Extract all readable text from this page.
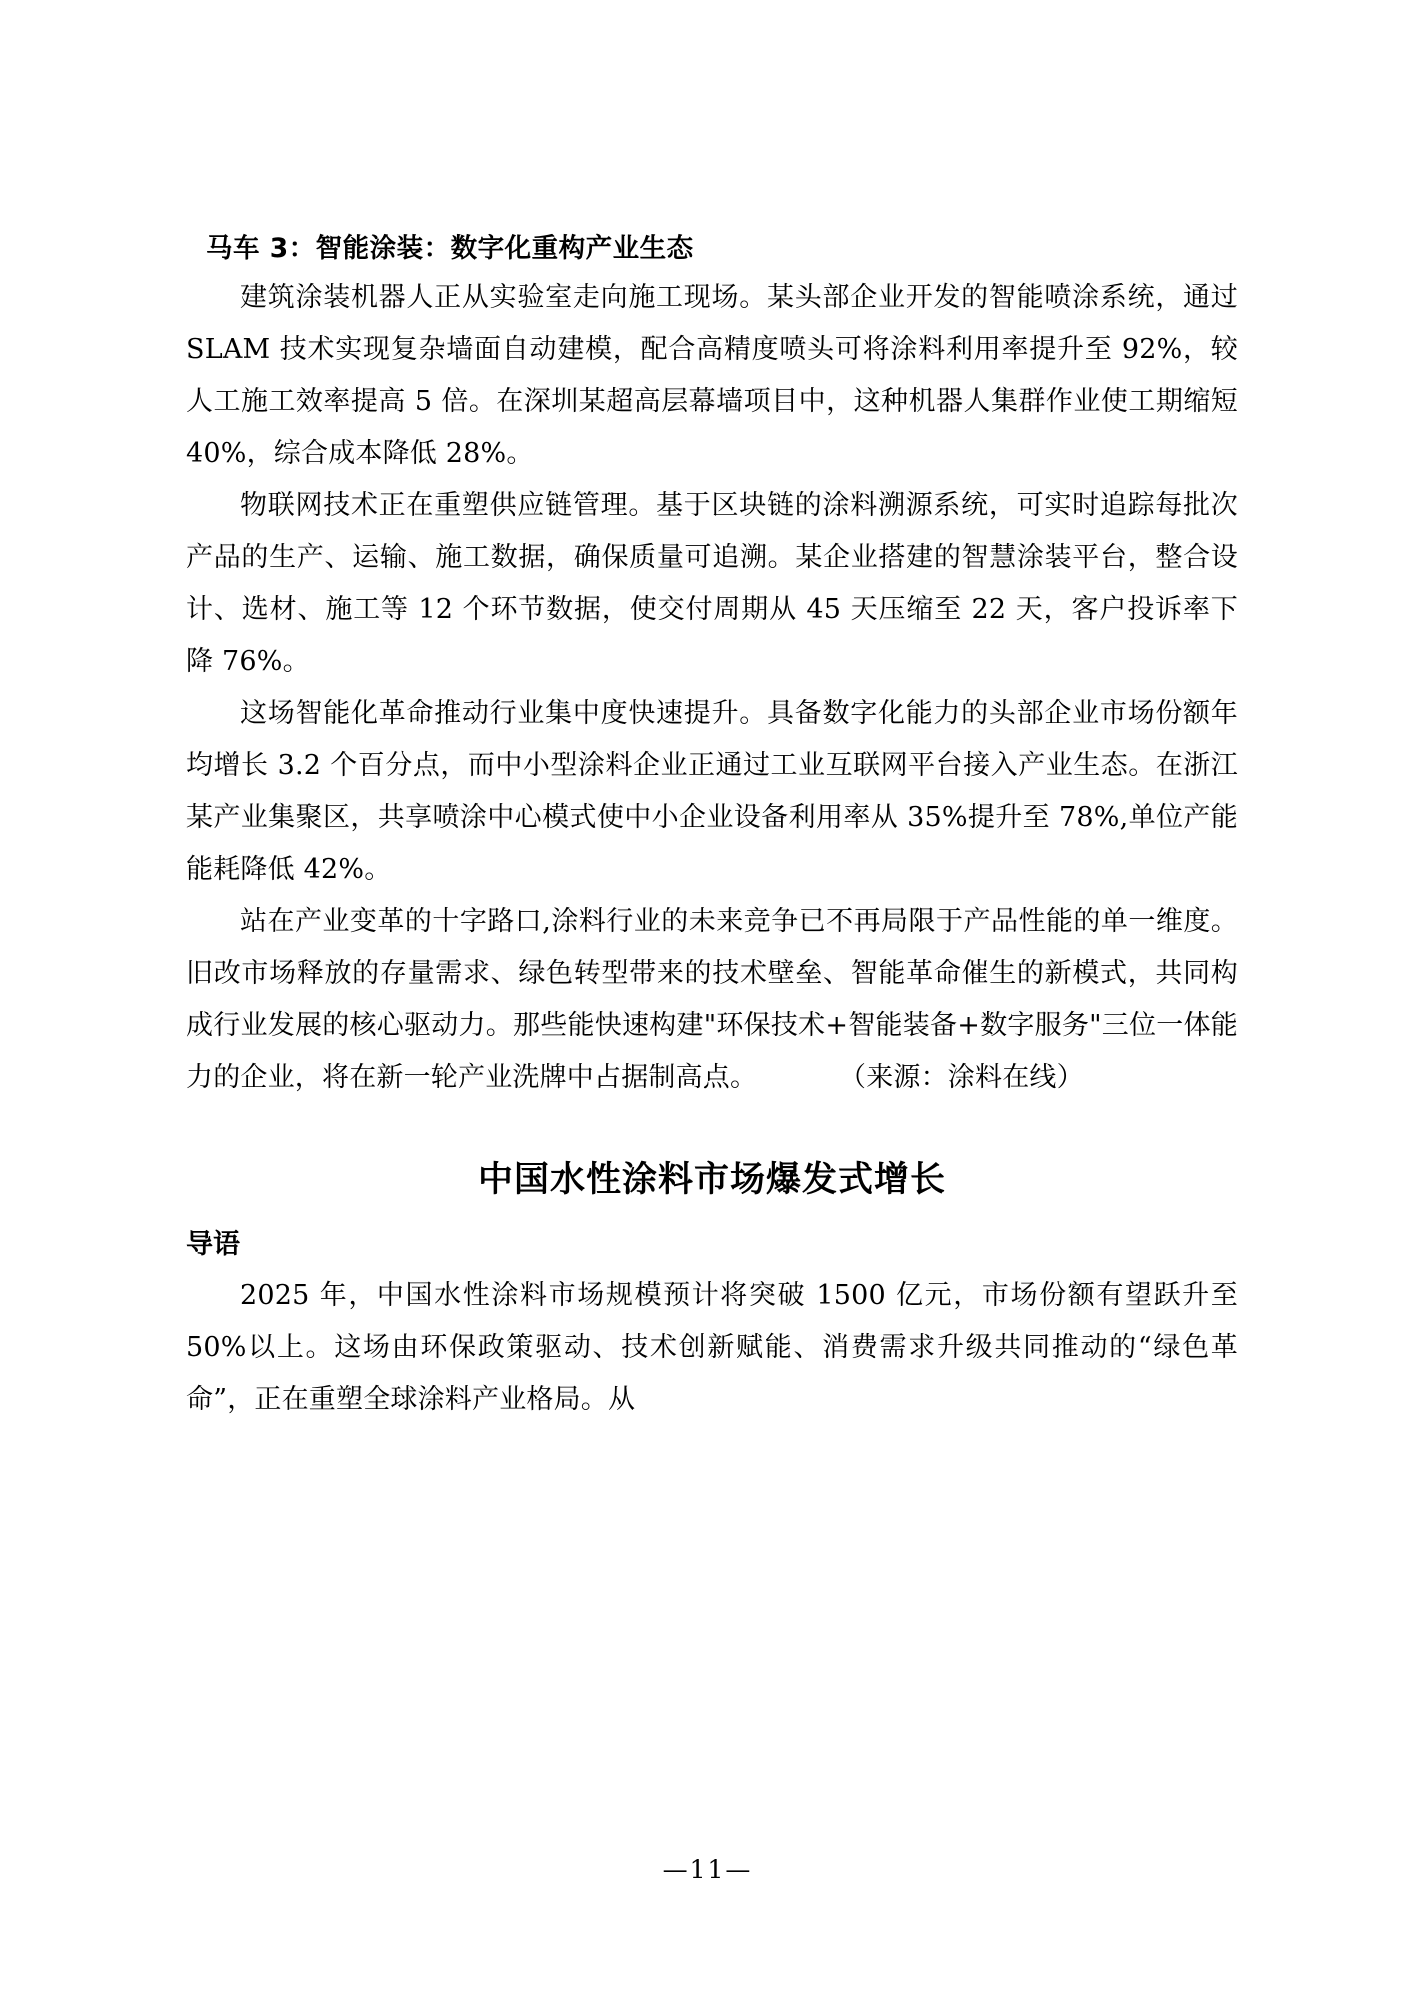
马车 3：智能涂装：数字化重构产业生态

建筑涂装机器人正从实验室走向施工现场。某头部企业开发的智能喷涂系统，通过 SLAM 技术实现复杂墙面自动建模，配合高精度喷头可将涂料利用率提升至 92%，较人工施工效率提高 5 倍。在深圳某超高层幕墙项目中，这种机器人集群作业使工期缩短 40%，综合成本降低 28%。

物联网技术正在重塑供应链管理。基于区块链的涂料溯源系统，可实时追踪每批次产品的生产、运输、施工数据，确保质量可追溯。某企业搭建的智慧涂装平台，整合设计、选材、施工等 12 个环节数据，使交付周期从 45 天压缩至 22 天，客户投诉率下降 76%。

这场智能化革命推动行业集中度快速提升。具备数字化能力的头部企业市场份额年均增长 3.2 个百分点，而中小型涂料企业正通过工业互联网平台接入产业生态。在浙江某产业集聚区，共享喷涂中心模式使中小企业设备利用率从 35%提升至 78%,单位产能能耗降低 42%。

站在产业变革的十字路口,涂料行业的未来竞争已不再局限于产品性能的单一维度。旧改市场释放的存量需求、绿色转型带来的技术壁垒、智能革命催生的新模式，共同构成行业发展的核心驱动力。那些能快速构建"环保技术+智能装备+数字服务"三位一体能力的企业，将在新一轮产业洗牌中占据制高点。　　　　（来源：涂料在线）

中国水性涂料市场爆发式增长
导语

2025 年，中国水性涂料市场规模预计将突破 1500 亿元，市场份额有望跃升至 50%以上。这场由环保政策驱动、技术创新赋能、消费需求升级共同推动的“绿色革命”，正在重塑全球涂料产业格局。从

—11—
